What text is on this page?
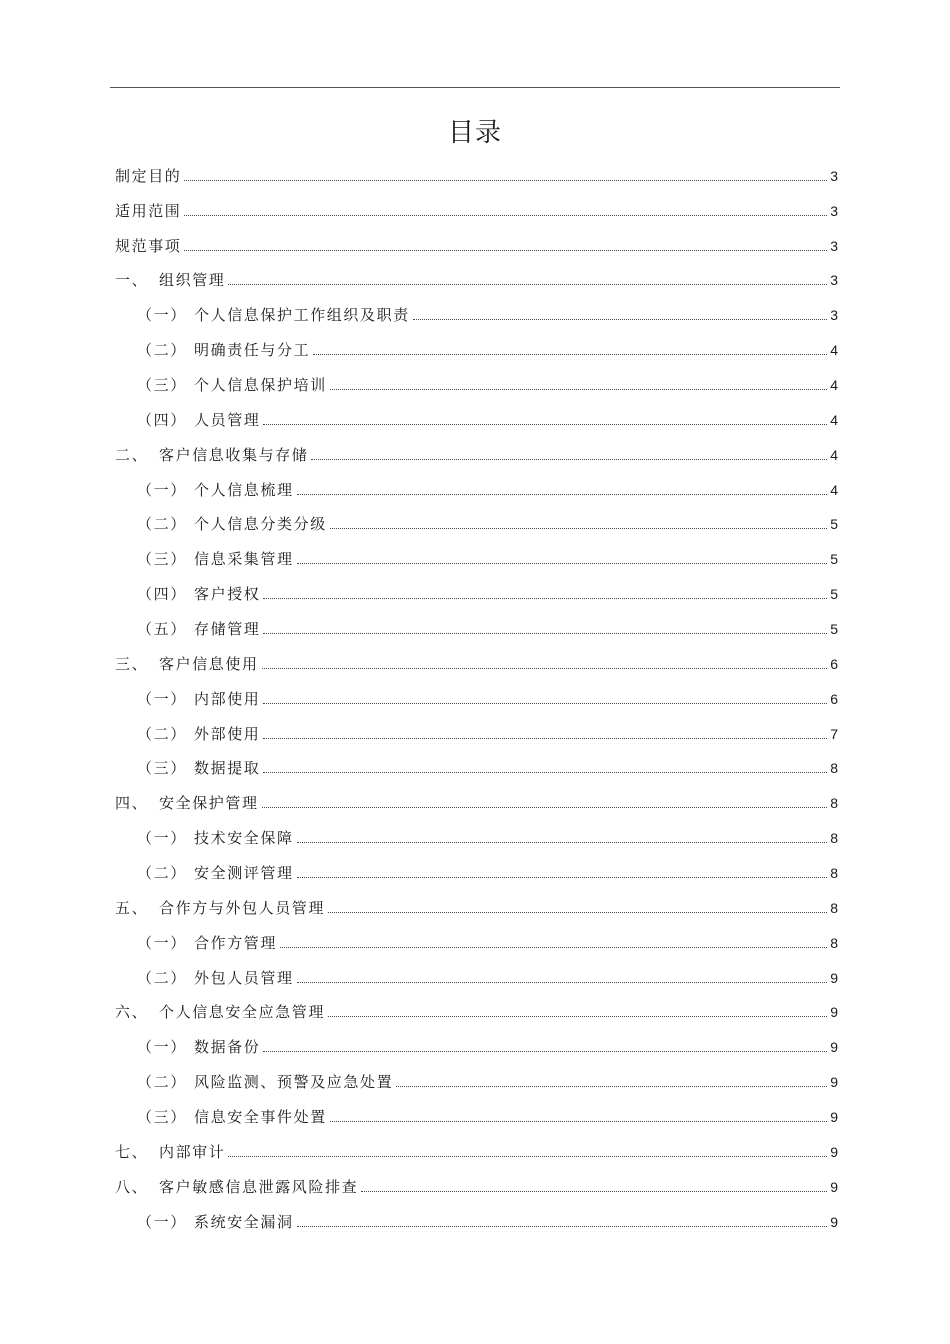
目录
制定目的	3
适用范围	3
规范事项	3
一、 组织管理	3
（一） 个人信息保护工作组织及职责	3
（二） 明确责任与分工	4
（三） 个人信息保护培训	4
（四） 人员管理	4
二、 客户信息收集与存储	4
（一） 个人信息梳理	4
（二） 个人信息分类分级	5
（三） 信息采集管理	5
（四） 客户授权	5
（五） 存储管理	5
三、 客户信息使用	6
（一） 内部使用	6
（二） 外部使用	7
（三） 数据提取	8
四、 安全保护管理	8
（一） 技术安全保障	8
（二） 安全测评管理	8
五、 合作方与外包人员管理	8
（一） 合作方管理	8
（二） 外包人员管理	9
六、 个人信息安全应急管理	9
（一） 数据备份	9
（二） 风险监测、预警及应急处置	9
（三） 信息安全事件处置	9
七、 内部审计	9
八、 客户敏感信息泄露风险排查	9
（一） 系统安全漏洞	9
